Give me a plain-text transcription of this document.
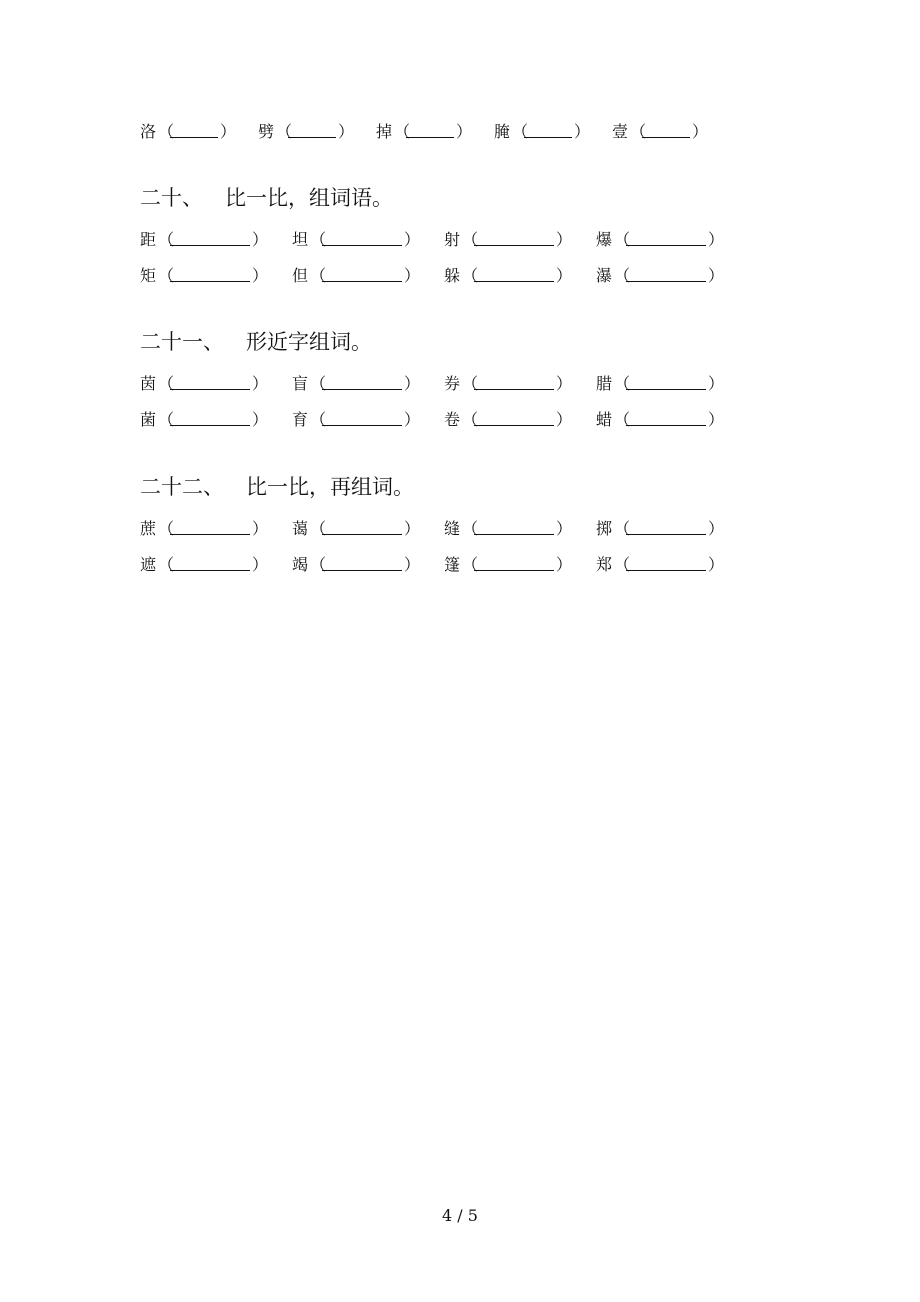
洛 （	） 劈 （	） 掉 （	） 腌 （	） 壹 （	）
二十、 比一比，组词语。
距 （	） 坦 （	） 射 （	） 爆 （	）
矩 （	） 但 （	） 躲 （	） 瀑 （	）
二十一、 形近字组词。
茵 （	） 盲 （	） 券 （	） 腊 （	）
菌 （	） 育 （	） 卷 （	） 蜡 （	）
二十二、 比一比，再组词。
蔗 （	） 蔼 （	） 缝 （	） 掷 （	）
遮 （	） 竭 （	） 篷 （	） 郑 （	）
4 / 5
